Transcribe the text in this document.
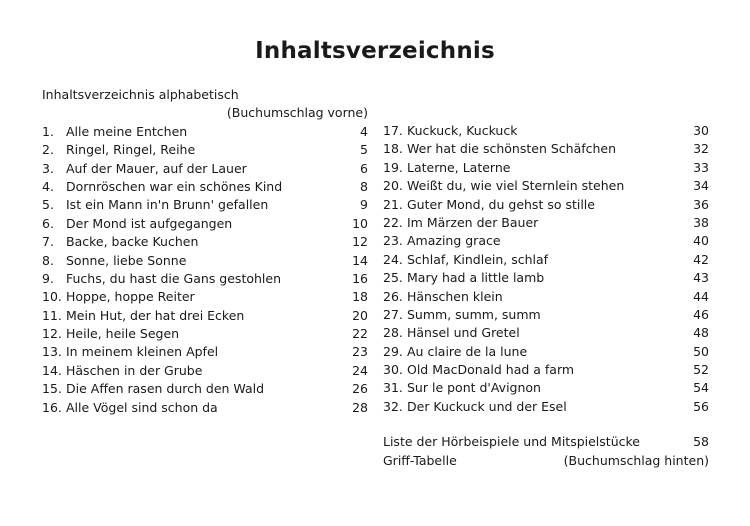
Inhaltsverzeichnis
Inhaltsverzeichnis alphabetisch
(Buchumschlag vorne)
1. Alle meine Entchen	4
2. Ringel, Ringel, Reihe	5
3. Auf der Mauer, auf der Lauer	6
4. Dornröschen war ein schönes Kind	8
5. Ist ein Mann in'n Brunn' gefallen	9
6. Der Mond ist aufgegangen	10
7. Backe, backe Kuchen	12
8. Sonne, liebe Sonne	14
9. Fuchs, du hast die Gans gestohlen	16
10. Hoppe, hoppe Reiter	18
11. Mein Hut, der hat drei Ecken	20
12. Heile, heile Segen	22
13. In meinem kleinen Apfel	23
14. Häschen in der Grube	24
15. Die Affen rasen durch den Wald	26
16. Alle Vögel sind schon da	28
17. Kuckuck, Kuckuck	30
18. Wer hat die schönsten Schäfchen	32
19. Laterne, Laterne	33
20. Weißt du, wie viel Sternlein stehen	34
21. Guter Mond, du gehst so stille	36
22. Im Märzen der Bauer	38
23. Amazing grace	40
24. Schlaf, Kindlein, schlaf	42
25. Mary had a little lamb	43
26. Hänschen klein	44
27. Summ, summ, summ	46
28. Hänsel und Gretel	48
29. Au claire de la lune	50
30. Old MacDonald had a farm	52
31. Sur le pont d'Avignon	54
32. Der Kuckuck und der Esel	56
Liste der Hörbeispiele und Mitspielstücke	58
Griff-Tabelle	(Buchumschlag hinten)
